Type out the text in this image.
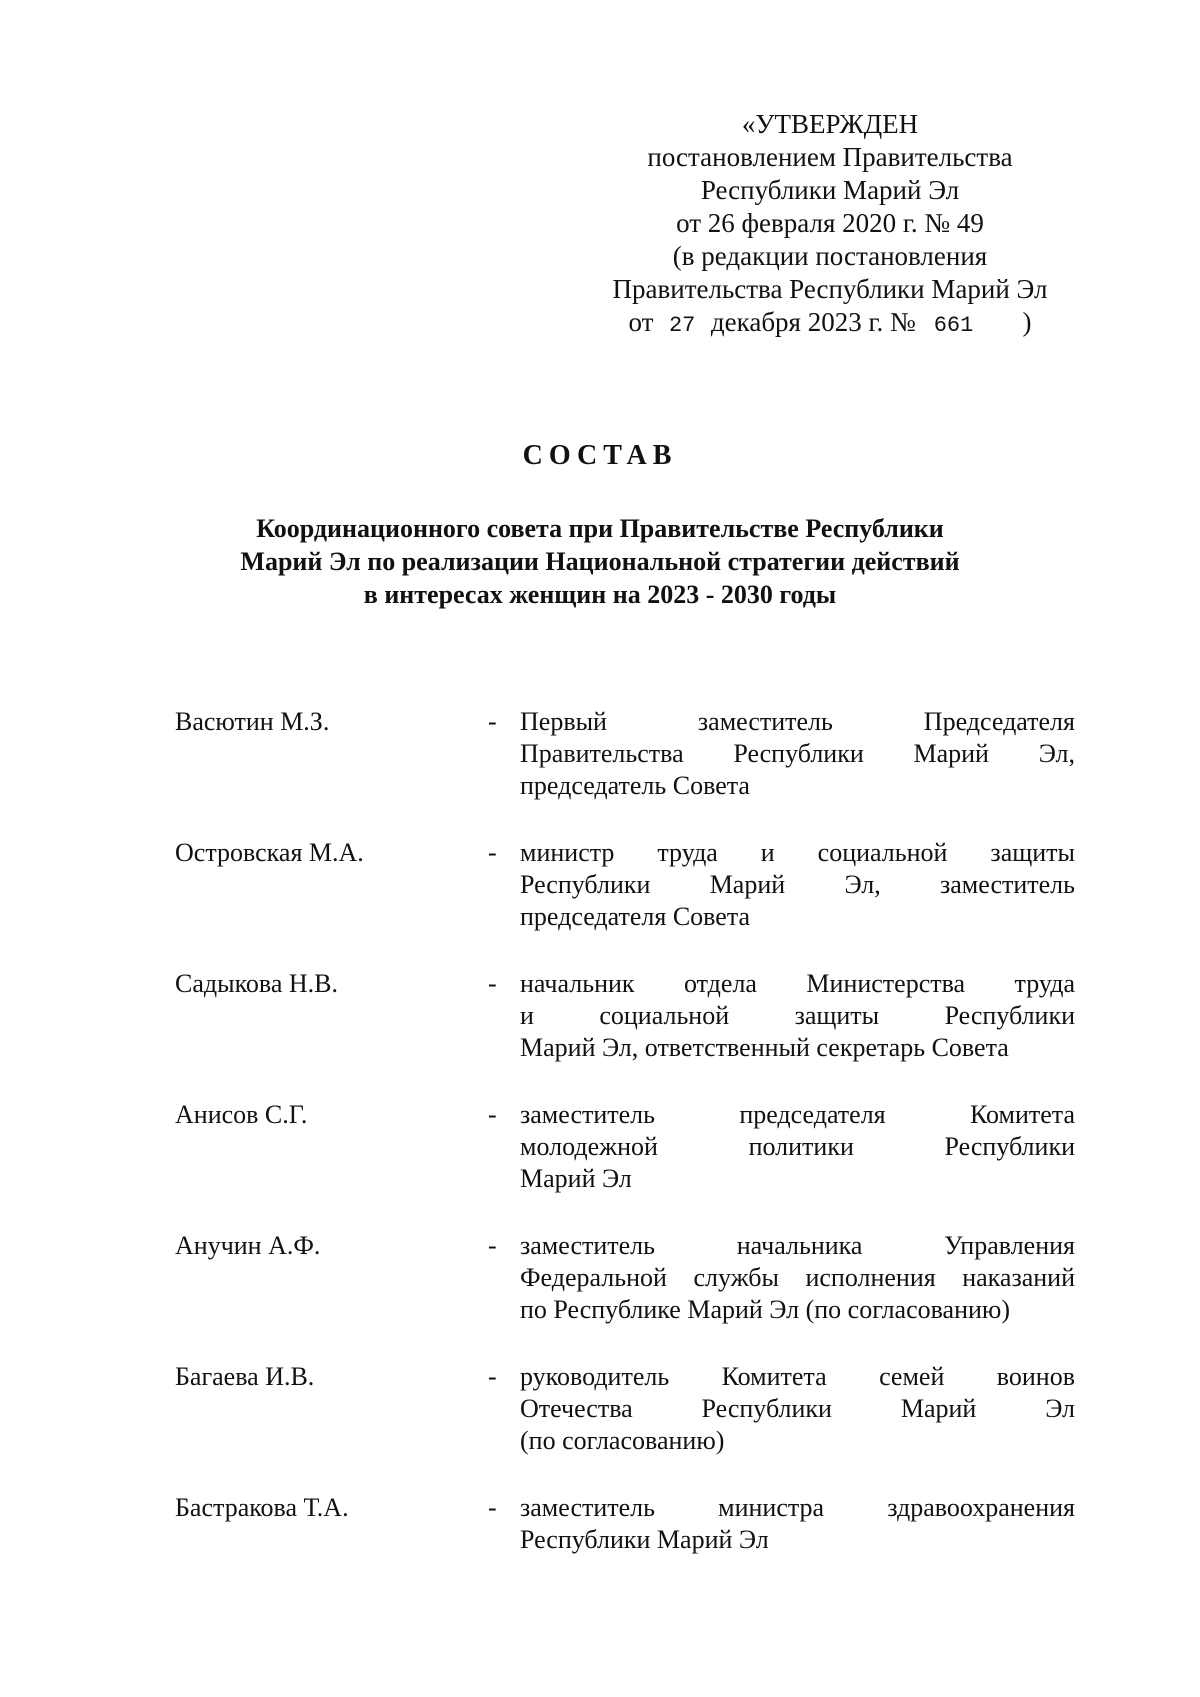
«УТВЕРЖДЕН
постановлением Правительства
Республики Марий Эл
от 26 февраля 2020 г. № 49
(в редакции постановления
Правительства Республики Марий Эл
от 27 декабря 2023 г. № 661 )
СОСТАВ
Координационного совета при Правительстве Республики
Марий Эл по реализации Национальной стратегии действий
в интересах женщин на 2023 - 2030 годы
Васютин М.З.	- Первый заместитель Председателя
Правительства Республики Марий Эл,
председатель Совета
Островская М.А.	- министр труда и социальной защиты
Республики Марий Эл, заместитель
председателя Совета
Садыкова Н.В.	- начальник отдела Министерства труда
и социальной защиты Республики
Марий Эл, ответственный секретарь Совета
Анисов С.Г.	- заместитель председателя Комитета
молодежной политики Республики
Марий Эл
Анучин А.Ф.	- заместитель начальника Управления
Федеральной службы исполнения наказаний
по Республике Марий Эл (по согласованию)
Багаева И.В.	- руководитель Комитета семей воинов
Отечества Республики Марий Эл
(по согласованию)
Бастракова Т.А.	- заместитель министра здравоохранения
Республики Марий Эл
